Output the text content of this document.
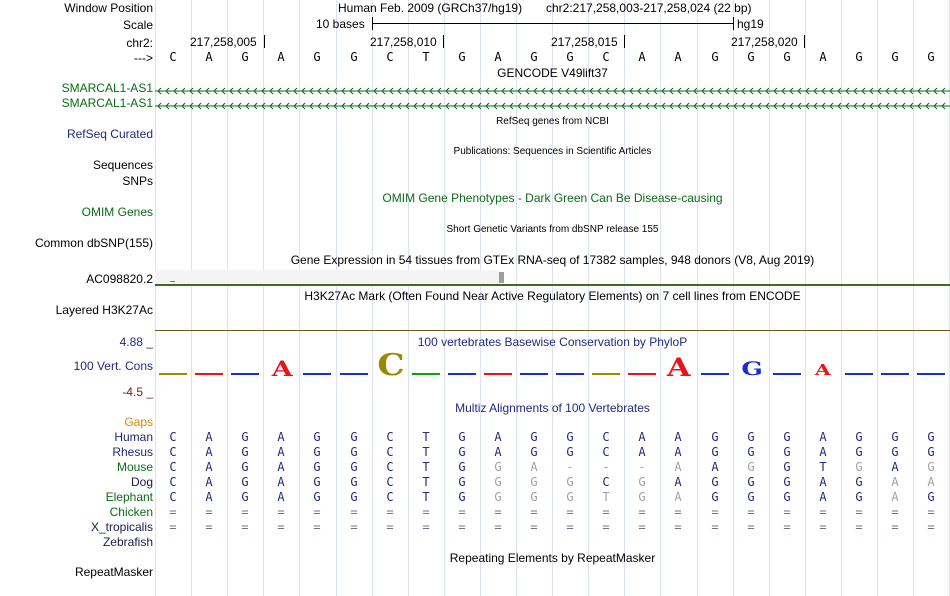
Window Position	Human Feb. 2009 (GRCh37/hg19) chr2:217,258,003-217,258,024 (22 bp)
Scale	10 bases	hg19
chr2:	217,258,005	217,258,010	217,258,015	217,258,020
--->	C	A	G	A	G	G	C	T	G	A	G	G	C	A	A	G	G	G	A	G	G	G
GENCODE V49lift37
SMARCAL1-AS1
SMARCAL1-AS1
RefSeq genes from NCBI
RefSeq Curated
Publications: Sequences in Scientific Articles
Sequences
SNPs
OMIM Gene Phenotypes - Dark Green Can Be Disease-causing
OMIM Genes
Short Genetic Variants from dbSNP release 155
Common dbSNP(155)
Gene Expression in 54 tissues from GTEx RNA-seq of 17382 samples, 948 donors (V8, Aug 2019)
AC098820.2
H3K27Ac Mark (Often Found Near Active Regulatory Elements) on 7 cell lines from ENCODE
Layered H3K27Ac
100 vertebrates Basewise Conservation by PhyloP
4.88 _
100 Vert. Cons
-4.5 _
A	C	A	G	A
Multiz Alignments of 100 Vertebrates
Gaps
Human	C	A	G	A	G	G	C	T	G	A	G	G	C	A	A	G	G	G	A	G	G	G
Rhesus	C	A	G	A	G	G	C	T	G	A	G	G	C	A	A	G	G	G	A	G	G	G
Mouse	C	A	G	A	G	G	C	T	G	G	A	-	-	-	A	A	G	G	T	G	A	G
Dog	C	A	G	A	G	G	C	T	G	G	G	G	C	G	A	G	G	G	A	G	A	A
Elephant	C	A	G	A	G	G	C	T	G	G	G	G	T	G	A	G	G	G	A	G	A	G
Chicken	=	=	=	=	=	=	=	=	=	=	=	=	=	=	=	=	=	=	=	=	=	=
X_tropicalis	=	=	=	=	=	=	=	=	=	=	=	=	=	=	=	=	=	=	=	=	=	=
Zebrafish
Repeating Elements by RepeatMasker
RepeatMasker
